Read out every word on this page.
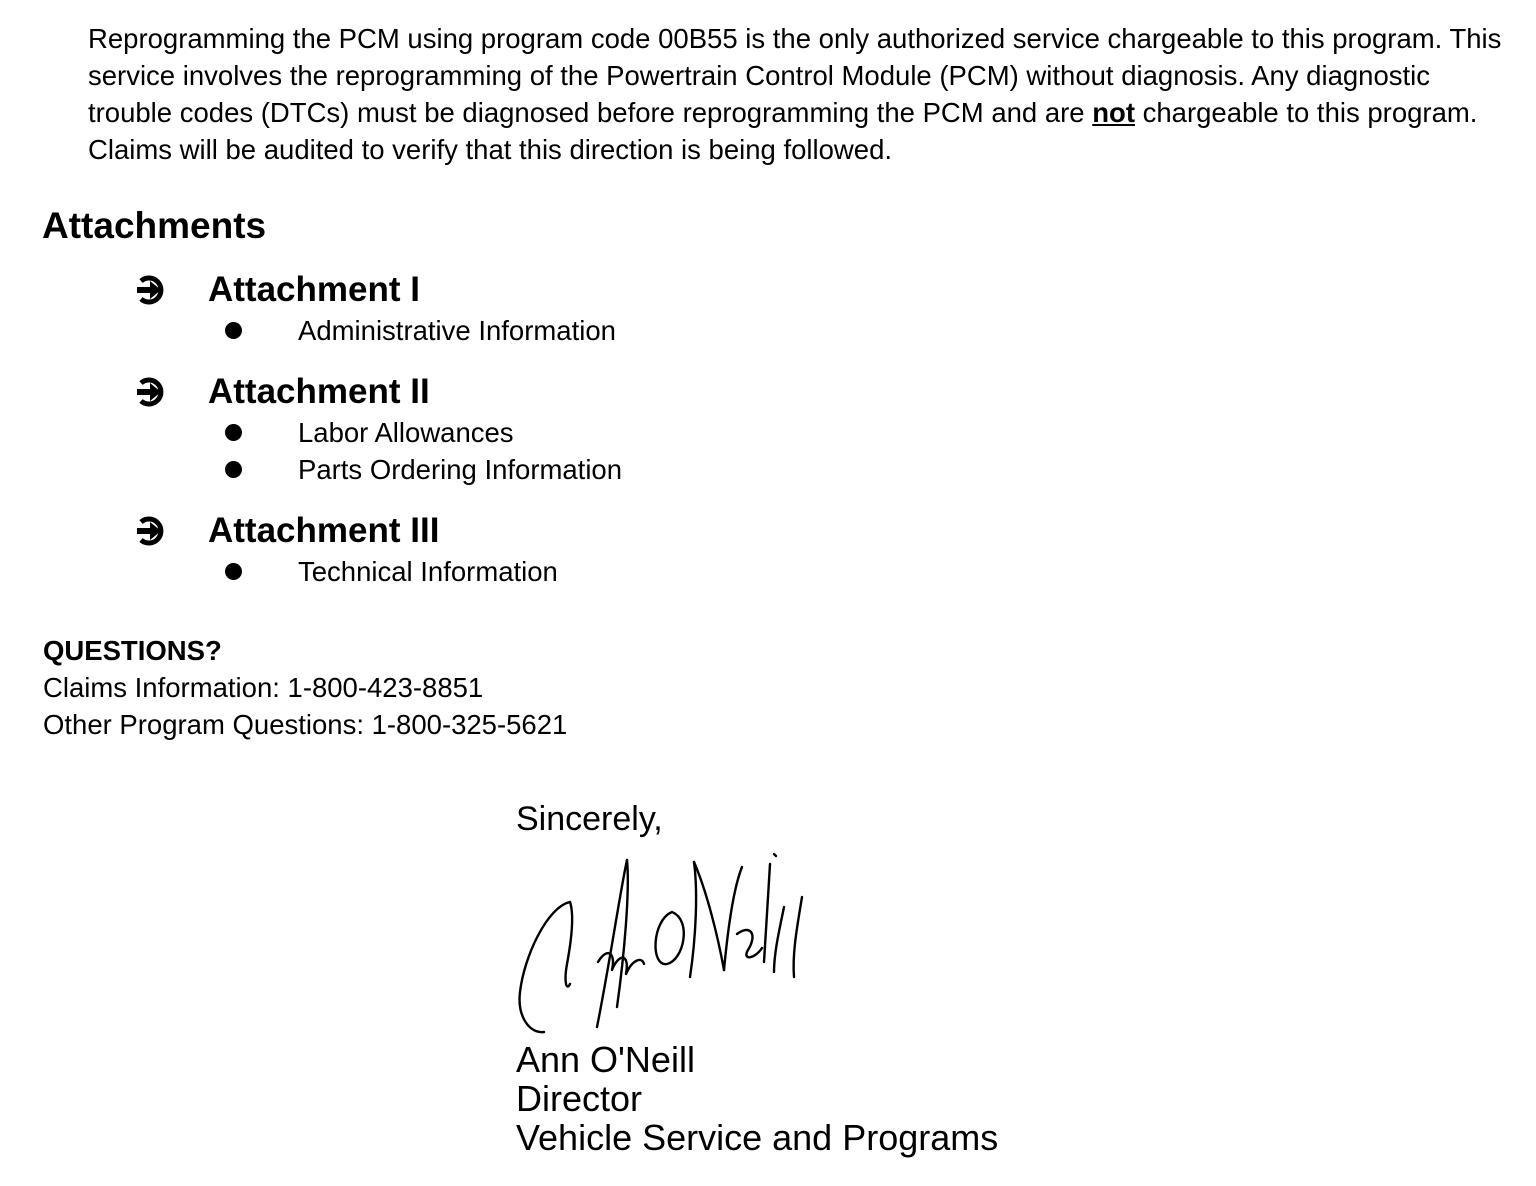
Reprogramming the PCM using program code 00B55 is the only authorized service chargeable to this program. This service involves the reprogramming of the Powertrain Control Module (PCM) without diagnosis. Any diagnostic trouble codes (DTCs) must be diagnosed before reprogramming the PCM and are not chargeable to this program. Claims will be audited to verify that this direction is being followed.
Attachments
Attachment I
Administrative Information
Attachment II
Labor Allowances
Parts Ordering Information
Attachment III
Technical Information
QUESTIONS?
Claims Information: 1-800-423-8851
Other Program Questions: 1-800-325-5621
Sincerely,
Ann O'Neill
Director
Vehicle Service and Programs
